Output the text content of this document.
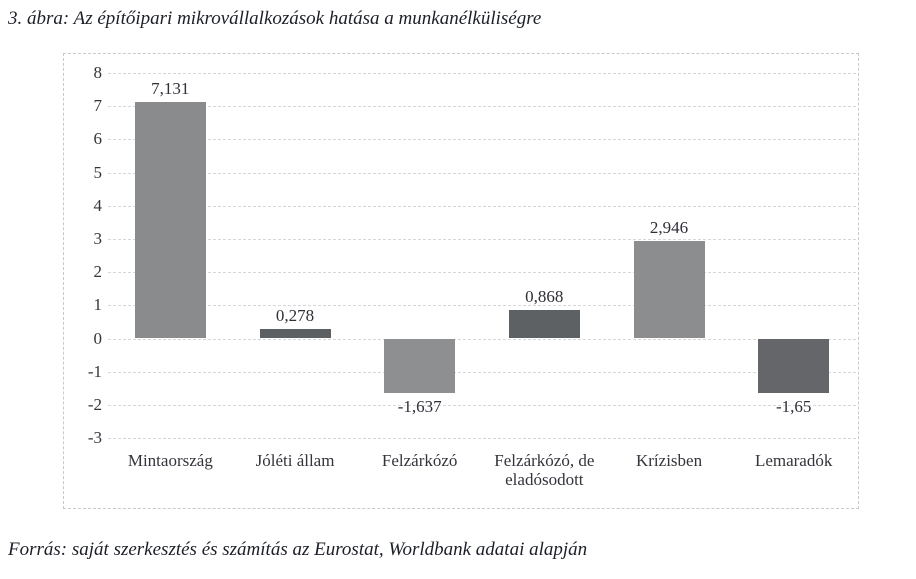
3. ábra: Az építőipari mikrovállalkozások hatása a munkanélküliségre
7,131
0,278
-1,637
0,868
2,946
-1,65
8
7
6
5
4
3
2
1
0
-1
-2
-3
Mintaország	Jóléti állam	Felzárkózó	Felzárkózó, de eladósodott
Krízisben	Lemaradók
Forrás: saját szerkesztés és számítás az Eurostat, Worldbank adatai alapján
